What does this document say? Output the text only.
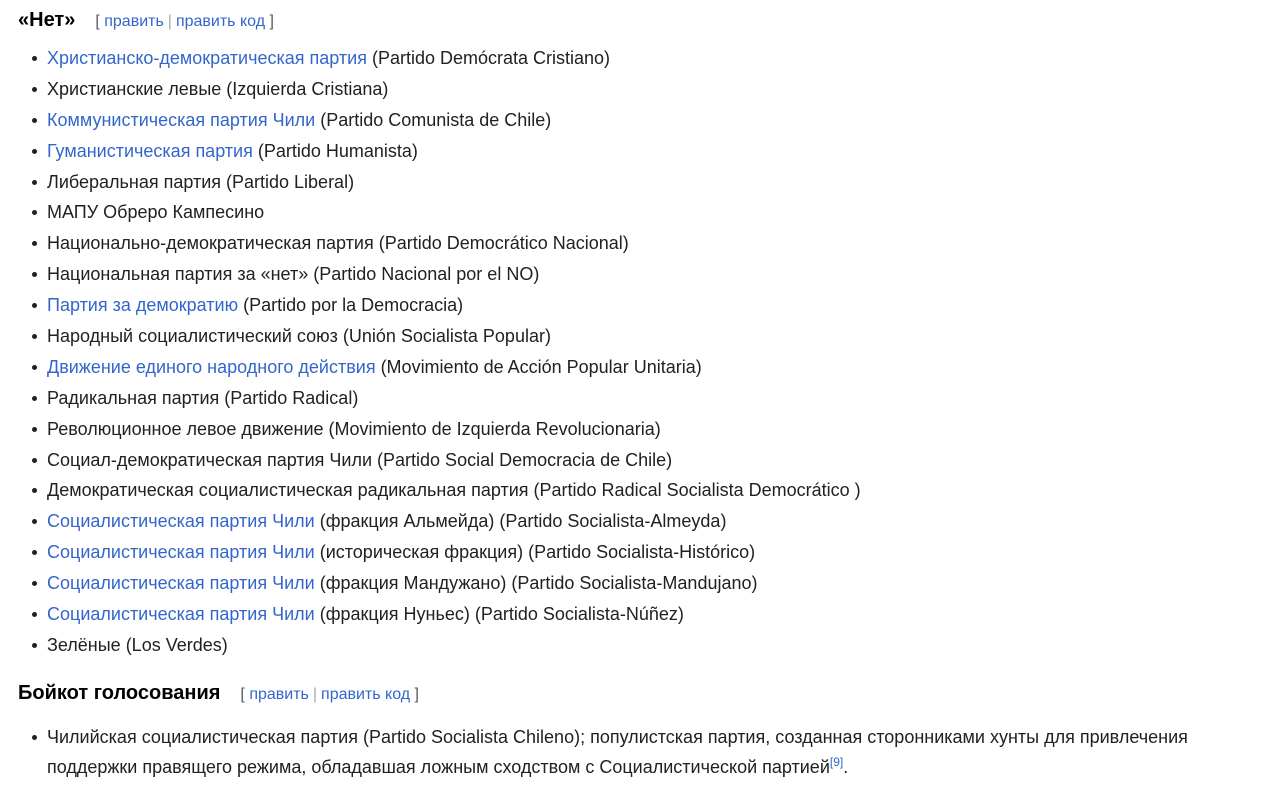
«Нет» [ править | править код ]
Христианско-демократическая партия (Partido Demócrata Cristiano)
Христианские левые (Izquierda Cristiana)
Коммунистическая партия Чили (Partido Comunista de Chile)
Гуманистическая партия (Partido Humanista)
Либеральная партия (Partido Liberal)
МАПУ Обреро Кампесино
Национально-демократическая партия (Partido Democrático Nacional)
Национальная партия за «нет» (Partido Nacional por el NO)
Партия за демократию (Partido por la Democracia)
Народный социалистический союз (Unión Socialista Popular)
Движение единого народного действия (Movimiento de Acción Popular Unitaria)
Радикальная партия (Partido Radical)
Революционное левое движение (Movimiento de Izquierda Revolucionaria)
Социал-демократическая партия Чили (Partido Social Democracia de Chile)
Демократическая социалистическая радикальная партия (Partido Radical Socialista Democrático )
Социалистическая партия Чили (фракция Альмейда) (Partido Socialista-Almeyda)
Социалистическая партия Чили (историческая фракция) (Partido Socialista-Histórico)
Социалистическая партия Чили (фракция Мандужано) (Partido Socialista-Mandujano)
Социалистическая партия Чили (фракция Нуньес) (Partido Socialista-Núñez)
Зелёные (Los Verdes)
Бойкот голосования [ править | править код ]
Чилийская социалистическая партия (Partido Socialista Chileno); популистская партия, созданная сторонниками хунты для привлечения поддержки правящего режима, обладавшая ложным сходством с Социалистической партией[9].
